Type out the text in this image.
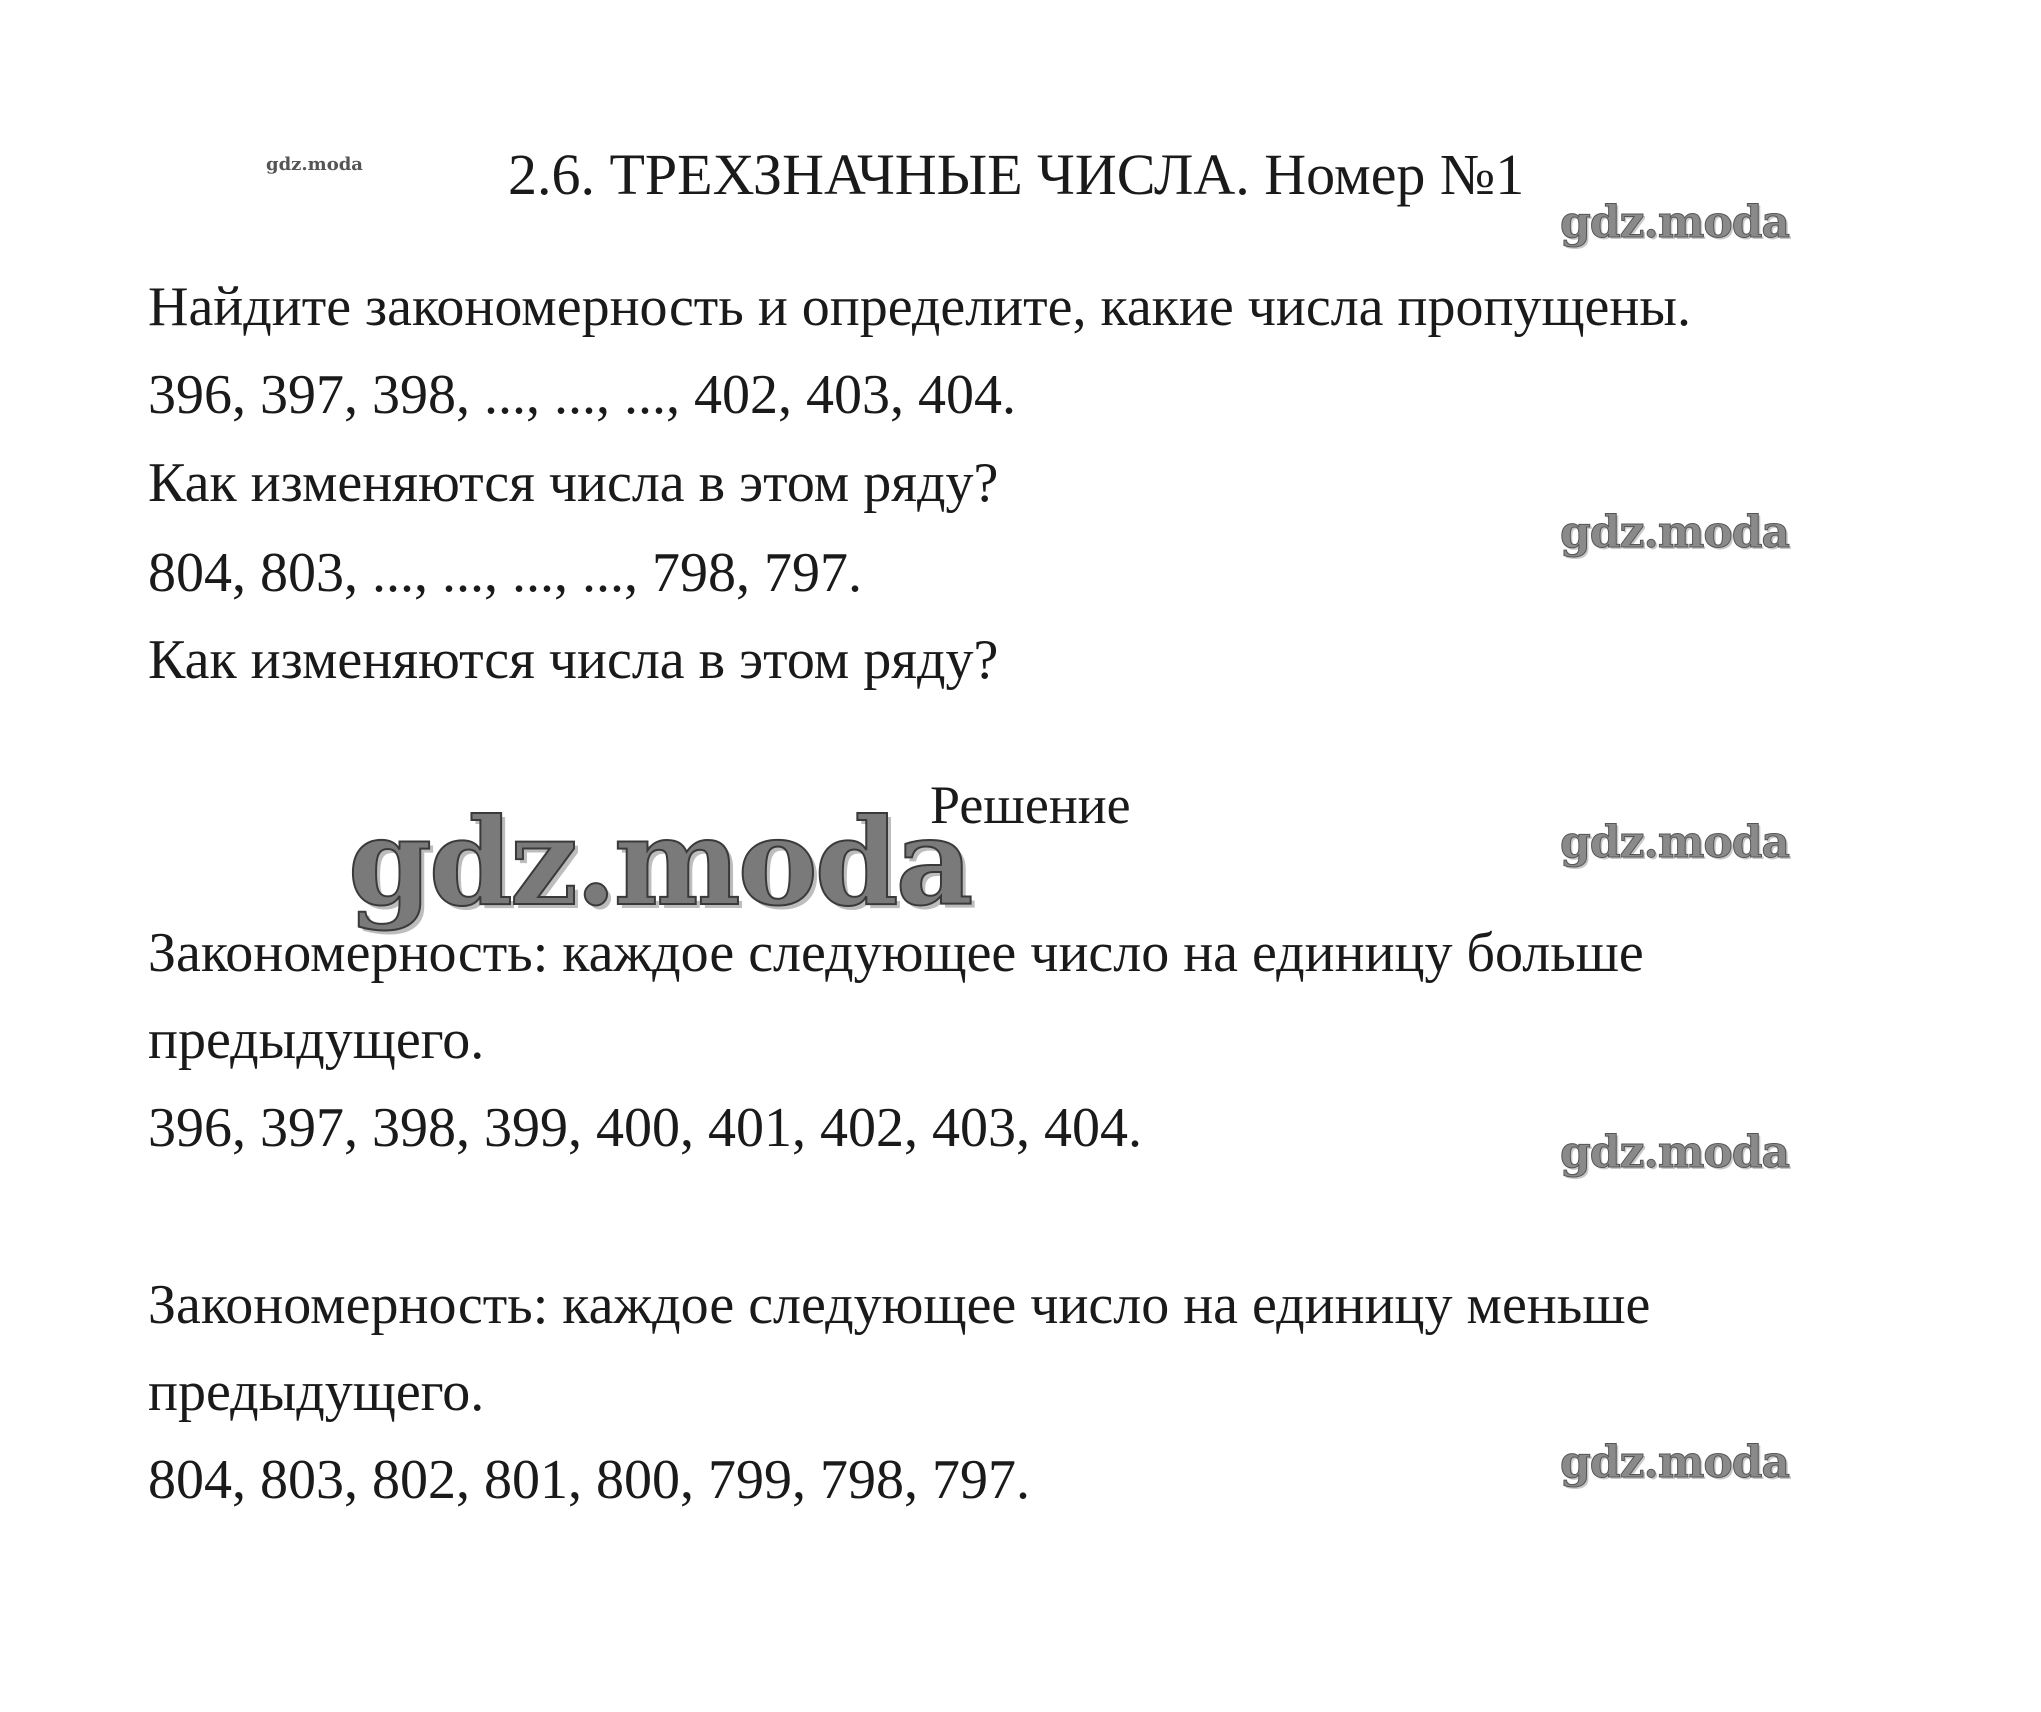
gdz.moda	2.6. ТРЕХЗНАЧНЫЕ ЧИСЛА. Номер №1
gdz.moda
Найдите закономерность и определите, какие числа пропущены.
396, 397, 398, ..., ..., ..., 402, 403, 404.
Как изменяются числа в этом ряду?
gdz.moda
804, 803, ..., ..., ..., ..., 798, 797.
Как изменяются числа в этом ряду?
Решение
gdz.moda
gdz.moda
Закономерность: каждое следующее число на единицу больше
предыдущего.
396, 397, 398, 399, 400, 401, 402, 403, 404.	gdz.moda
Закономерность: каждое следующее число на единицу меньше
предыдущего.
804, 803, 802, 801, 800, 799, 798, 797.	gdz.moda
